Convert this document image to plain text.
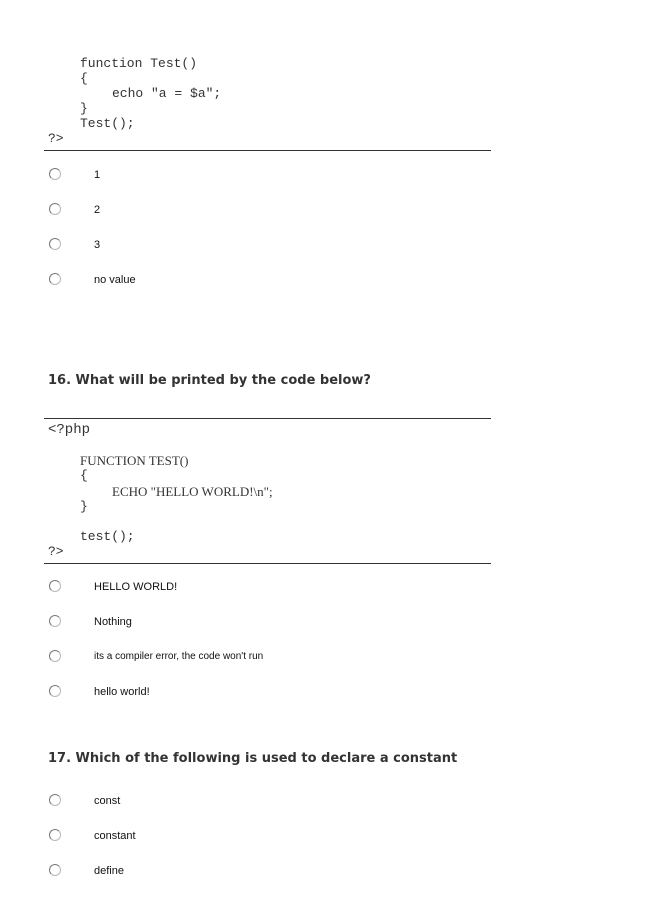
function Test()
{
echo "a = $a";
}
Test();
?>
1
2
3
no value
16. What will be printed by the code below?
<?php
FUNCTION TEST()
{
ECHO "HELLO WORLD!\n";
}
test();
?>
HELLO WORLD!
Nothing
its a compiler error, the code won't run
hello world!
17. Which of the following is used to declare a constant
const
constant
define
